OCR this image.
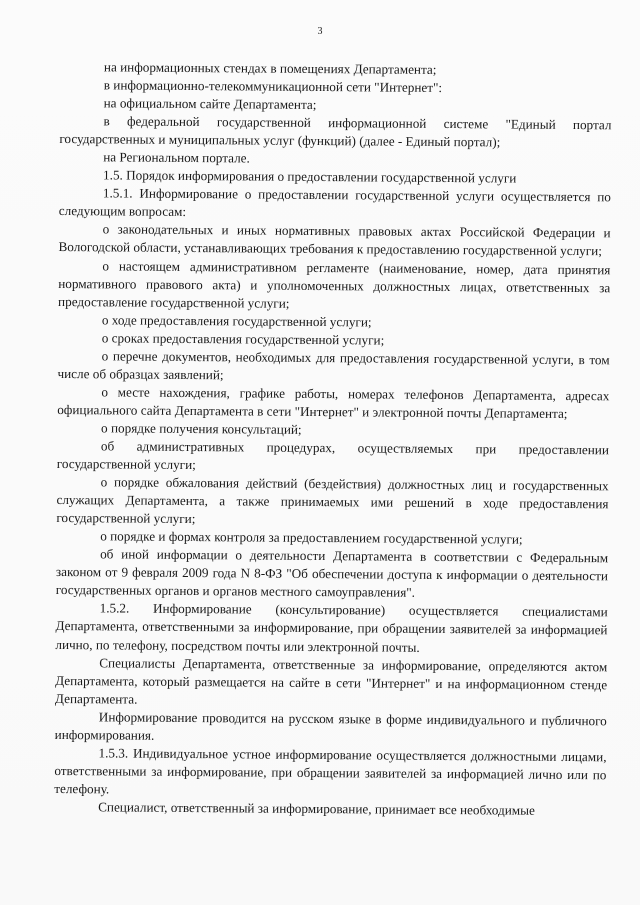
3

на информационных стендах в помещениях Департамента;

в информационно-телекоммуникационной сети "Интернет":

на официальном сайте Департамента;

в федеральной государственной информационной системе "Единый портал государственных и муниципальных услуг (функций) (далее - Единый портал);

на Региональном портале.

1.5. Порядок информирования о предоставлении государственной услуги

1.5.1. Информирование о предоставлении государственной услуги осуществляется по следующим вопросам:

о законодательных и иных нормативных правовых актах Российской Федерации и Вологодской области, устанавливающих требования к предоставлению государственной услуги;

о настоящем административном регламенте (наименование, номер, дата принятия нормативного правового акта) и уполномоченных должностных лицах, ответственных за предоставление государственной услуги;

о ходе предоставления государственной услуги;

о сроках предоставления государственной услуги;

о перечне документов, необходимых для предоставления государственной услуги, в том числе об образцах заявлений;

о месте нахождения, графике работы, номерах телефонов Департамента, адресах официального сайта Департамента в сети "Интернет" и электронной почты Департамента;

о порядке получения консультаций;

об административных процедурах, осуществляемых при предоставлении государственной услуги;

о порядке обжалования действий (бездействия) должностных лиц и государственных служащих Департамента, а также принимаемых ими решений в ходе предоставления государственной услуги;

о порядке и формах контроля за предоставлением государственной услуги;

об иной информации о деятельности Департамента в соответствии с Федеральным законом от 9 февраля 2009 года N 8-ФЗ "Об обеспечении доступа к информации о деятельности государственных органов и органов местного самоуправления".

1.5.2. Информирование (консультирование) осуществляется специалистами Департамента, ответственными за информирование, при обращении заявителей за информацией лично, по телефону, посредством почты или электронной почты.

Специалисты Департамента, ответственные за информирование, определяются актом Департамента, который размещается на сайте в сети "Интернет" и на информационном стенде Департамента.

Информирование проводится на русском языке в форме индивидуального и публичного информирования.

1.5.3. Индивидуальное устное информирование осуществляется должностными лицами, ответственными за информирование, при обращении заявителей за информацией лично или по телефону.

Специалист, ответственный за информирование, принимает все необходимые
